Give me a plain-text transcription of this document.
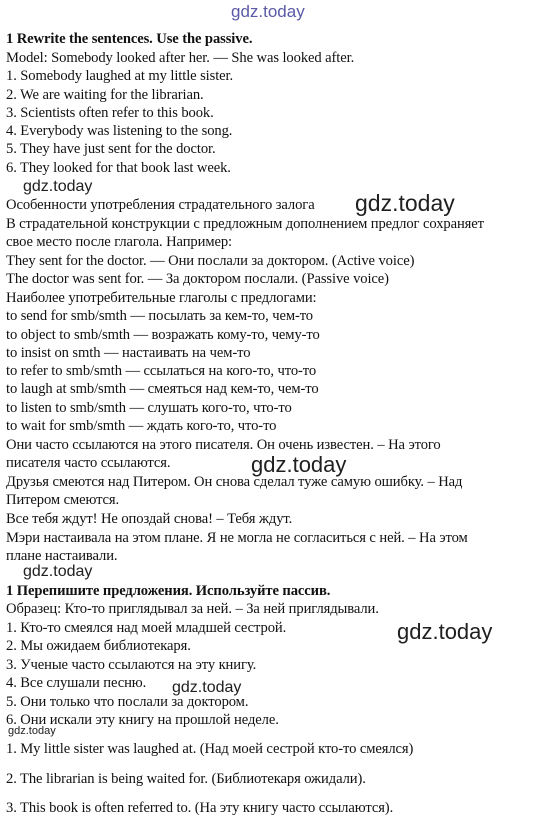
gdz.today
1 Rewrite the sentences. Use the passive.
Model: Somebody looked after her. — She was looked after.
1. Somebody laughed at my little sister.
2. We are waiting for the librarian.
3. Scientists often refer to this book.
4. Everybody was listening to the song.
5. They have just sent for the doctor.
6. They looked for that book last week.
gdz.today
Особенности употребления страдательного залога gdz.today
В страдательной конструкции с предложным дополнением предлог сохраняет
свое место после глагола. Например:
They sent for the doctor. — Они послали за доктором. (Active voice)
The doctor was sent for. — За доктором послали. (Passive voice)
Наиболее употребительные глаголы с предлогами:
to send for smb/smth — посылать за кем-то, чем-то
to object to smb/smth — возражать кому-то, чему-то
to insist on smth — настаивать на чем-то
to refer to smb/smth — ссылаться на кого-то, что-то
to laugh at smb/smth — смеяться над кем-то, чем-то
to listen to smb/smth — слушать кого-то, что-то
to wait for smb/smth — ждать кого-то, что-то
Они часто ссылаются на этого писателя. Он очень известен. – На этого
писателя часто ссылаются.	gdz.today
Друзья смеются над Питером. Он снова сделал туже самую ошибку. – Над
Питером смеются.
Все тебя ждут! Не опоздай снова! – Тебя ждут.
Мэри настаивала на этом плане. Я не могла не согласиться с ней. – На этом
плане настаивали.
gdz.today
1 Перепишите предложения. Используйте пассив.
Образец: Кто-то приглядывал за ней. – За ней приглядывали.
1. Кто-то смеялся над моей младшей сестрой.	gdz.today
2. Мы ожидаем библиотекаря.
3. Ученые часто ссылаются на эту книгу.
4. Все слушали песню. gdz.today
5. Они только что послали за доктором.
6. Они искали эту книгу на прошлой неделе.
gdz.today
1. My little sister was laughed at. (Над моей сестрой кто-то смеялся)
2. The librarian is being waited for. (Библиотекаря ожидали).
3. This book is often referred to. (На эту книгу часто ссылаются).
